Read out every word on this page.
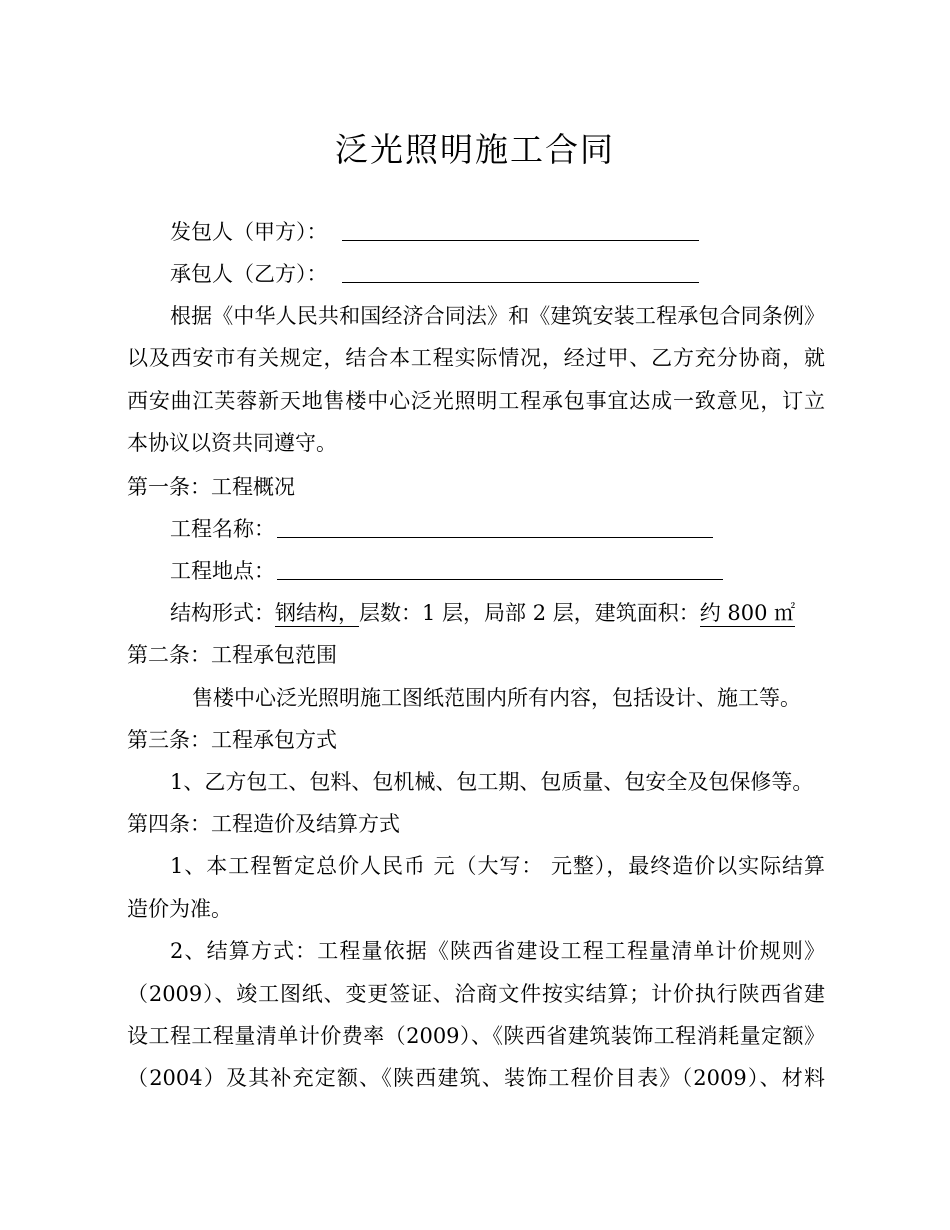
泛光照明施工合同
发包人（甲方）：
承包人（乙方）：
根据《中华人民共和国经济合同法》和《建筑安装工程承包合同条例》
以及西安市有关规定，结合本工程实际情况，经过甲、乙方充分协商，就
西安曲江芙蓉新天地售楼中心泛光照明工程承包事宜达成一致意见，订立
本协议以资共同遵守。
第一条：工程概况
工程名称：
工程地点：
结构形式：钢结构，层数：1 层，局部 2 层，建筑面积：约 800 ㎡
第二条：工程承包范围
售楼中心泛光照明施工图纸范围内所有内容，包括设计、施工等。
第三条：工程承包方式
1、乙方包工、包料、包机械、包工期、包质量、包安全及包保修等。
第四条：工程造价及结算方式
1、本工程暂定总价人民币 元（大写： 元整），最终造价以实际结算
造价为准。
2、结算方式：工程量依据《陕西省建设工程工程量清单计价规则》
（2009）、竣工图纸、变更签证、洽商文件按实结算；计价执行陕西省建
设工程工程量清单计价费率（2009）、《陕西省建筑装饰工程消耗量定额》
（2004）及其补充定额、《陕西建筑、装饰工程价目表》（2009）、材料
